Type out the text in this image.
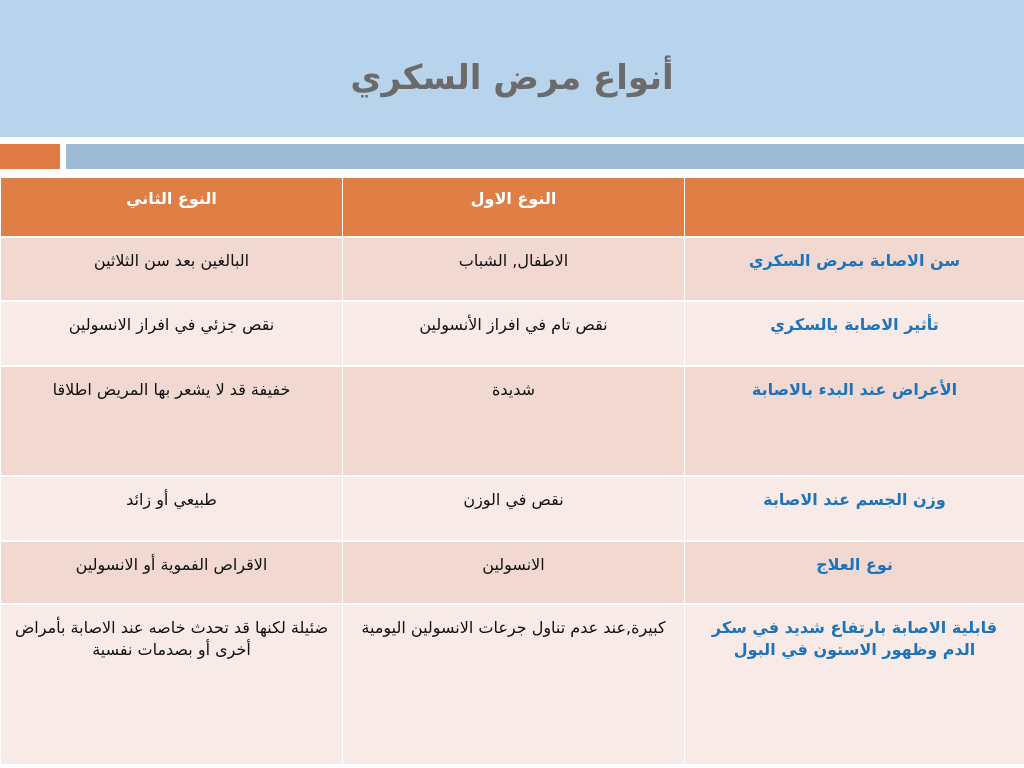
أنواع مرض السكري
	النوع الاول	النوع الثاني
سن الاصابة بمرض السكري	الاطفال, الشباب	البالغين بعد سن الثلاثين
تأثير الاصابة بالسكري	نقص تام في افراز الأنسولين	نقص جزئي في افراز الانسولين
الأعراض عند البدء بالاصابة	شديدة	خفيفة قد لا يشعر بها المريض اطلاقا
وزن الجسم عند الاصابة	نقص في الوزن	طبيعي أو زائد
نوع العلاج	الانسولين	الاقراص الفموية أو الانسولين
قابلية الاصابة بارتفاع شديد في سكر الدم وظهور الاستون في البول	كبيرة,عند عدم تناول جرعات الانسولين اليومية	ضئيلة لكنها قد تحدث خاصه عند الاصابة بأمراض أخرى أو بصدمات نفسية
